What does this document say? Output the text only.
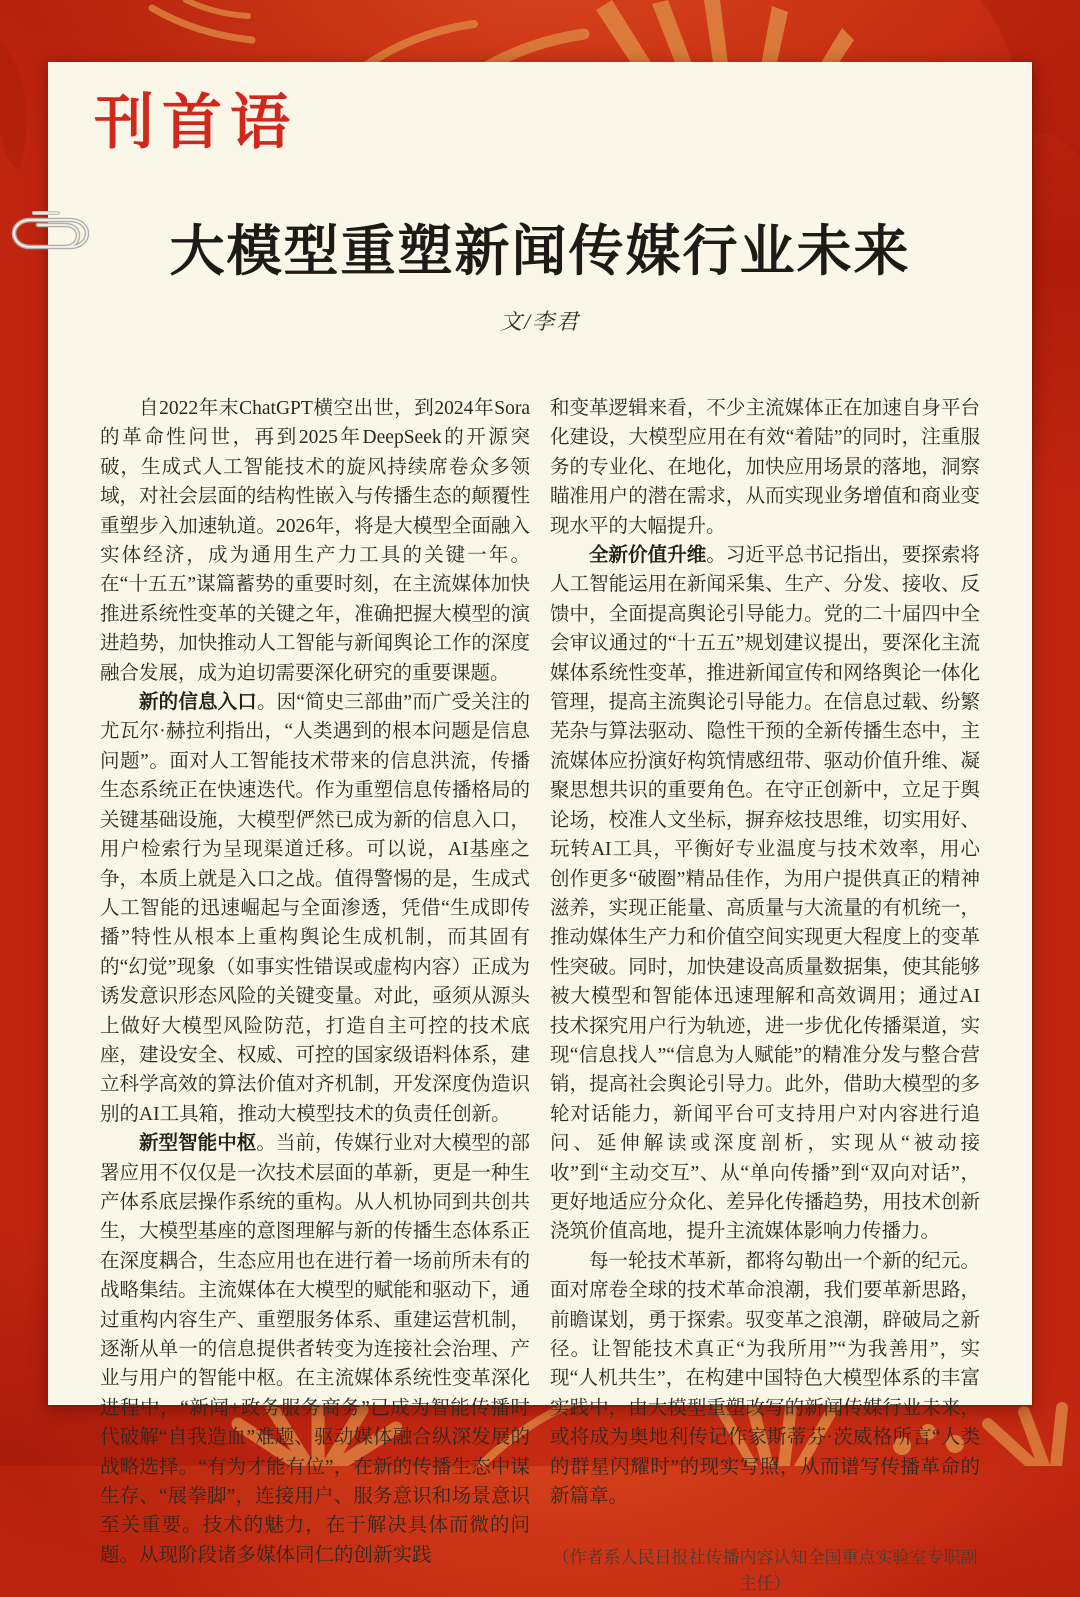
刊首语
大模型重塑新闻传媒行业未来
文/李君

自2022年末ChatGPT横空出世，到2024年Sora的革命性问世，再到2025年DeepSeek的开源突破，生成式人工智能技术的旋风持续席卷众多领域，对社会层面的结构性嵌入与传播生态的颠覆性重塑步入加速轨道。2026年，将是大模型全面融入实体经济，成为通用生产力工具的关键一年。在“十五五”谋篇蓄势的重要时刻，在主流媒体加快推进系统性变革的关键之年，准确把握大模型的演进趋势，加快推动人工智能与新闻舆论工作的深度融合发展，成为迫切需要深化研究的重要课题。

新的信息入口。因“简史三部曲”而广受关注的尤瓦尔·赫拉利指出，“人类遇到的根本问题是信息问题”。面对人工智能技术带来的信息洪流，传播生态系统正在快速迭代。作为重塑信息传播格局的关键基础设施，大模型俨然已成为新的信息入口，用户检索行为呈现渠道迁移。可以说，AI基座之争，本质上就是入口之战。值得警惕的是，生成式人工智能的迅速崛起与全面渗透，凭借“生成即传播”特性从根本上重构舆论生成机制，而其固有的“幻觉”现象（如事实性错误或虚构内容）正成为诱发意识形态风险的关键变量。对此，亟须从源头上做好大模型风险防范，打造自主可控的技术底座，建设安全、权威、可控的国家级语料体系，建立科学高效的算法价值对齐机制，开发深度伪造识别的AI工具箱，推动大模型技术的负责任创新。

新型智能中枢。当前，传媒行业对大模型的部署应用不仅仅是一次技术层面的革新，更是一种生产体系底层操作系统的重构。从人机协同到共创共生，大模型基座的意图理解与新的传播生态体系正在深度耦合，生态应用也在进行着一场前所未有的战略集结。主流媒体在大模型的赋能和驱动下，通过重构内容生产、重塑服务体系、重建运营机制，逐渐从单一的信息提供者转变为连接社会治理、产业与用户的智能中枢。在主流媒体系统性变革深化进程中，“新闻+政务服务商务”已成为智能传播时代破解“自我造血”难题、驱动媒体融合纵深发展的战略选择。“有为才能有位”，在新的传播生态中谋生存、“展拳脚”，连接用户、服务意识和场景意识至关重要。技术的魅力，在于解决具体而微的问题。从现阶段诸多媒体同仁的创新实践

和变革逻辑来看，不少主流媒体正在加速自身平台化建设，大模型应用在有效“着陆”的同时，注重服务的专业化、在地化，加快应用场景的落地，洞察瞄准用户的潜在需求，从而实现业务增值和商业变现水平的大幅提升。

全新价值升维。习近平总书记指出，要探索将人工智能运用在新闻采集、生产、分发、接收、反馈中，全面提高舆论引导能力。党的二十届四中全会审议通过的“十五五”规划建议提出，要深化主流媒体系统性变革，推进新闻宣传和网络舆论一体化管理，提高主流舆论引导能力。在信息过载、纷繁芜杂与算法驱动、隐性干预的全新传播生态中，主流媒体应扮演好构筑情感纽带、驱动价值升维、凝聚思想共识的重要角色。在守正创新中，立足于舆论场，校准人文坐标，摒弃炫技思维，切实用好、玩转AI工具，平衡好专业温度与技术效率，用心创作更多“破圈”精品佳作，为用户提供真正的精神滋养，实现正能量、高质量与大流量的有机统一，推动媒体生产力和价值空间实现更大程度上的变革性突破。同时，加快建设高质量数据集，使其能够被大模型和智能体迅速理解和高效调用；通过AI技术探究用户行为轨迹，进一步优化传播渠道，实现“信息找人”“信息为人赋能”的精准分发与整合营销，提高社会舆论引导力。此外，借助大模型的多轮对话能力，新闻平台可支持用户对内容进行追问、延伸解读或深度剖析，实现从“被动接收”到“主动交互”、从“单向传播”到“双向对话”，更好地适应分众化、差异化传播趋势，用技术创新浇筑价值高地，提升主流媒体影响力传播力。

每一轮技术革新，都将勾勒出一个新的纪元。面对席卷全球的技术革命浪潮，我们要革新思路，前瞻谋划，勇于探索。驭变革之浪潮，辟破局之新径。让智能技术真正“为我所用”“为我善用”，实现“人机共生”，在构建中国特色大模型体系的丰富实践中，由大模型重塑改写的新闻传媒行业未来，或将成为奥地利传记作家斯蒂芬·茨威格所言“人类的群星闪耀时”的现实写照，从而谱写传播革命的新篇章。

（作者系人民日报社传播内容认知全国重点实验室专职副主任）
